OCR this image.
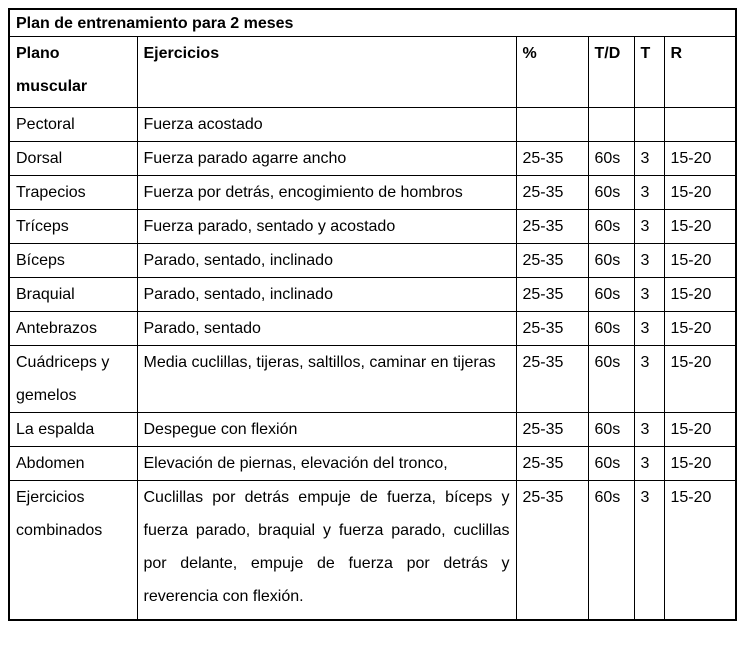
Plan de entrenamiento para 2 meses					
Plano muscular	Ejercicios	%	T/D	T	R
Pectoral	Fuerza acostado				
Dorsal	Fuerza parado agarre ancho	25-35	60s	3	15-20
Trapecios	Fuerza por detrás, encogimiento de hombros	25-35	60s	3	15-20
Tríceps	Fuerza parado, sentado y acostado	25-35	60s	3	15-20
Bíceps	Parado, sentado, inclinado	25-35	60s	3	15-20
Braquial	Parado, sentado, inclinado	25-35	60s	3	15-20
Antebrazos	Parado, sentado	25-35	60s	3	15-20
Cuádriceps y gemelos	Media cuclillas, tijeras, saltillos, caminar en tijeras	25-35	60s	3	15-20
La espalda	Despegue con flexión	25-35	60s	3	15-20
Abdomen	Elevación de piernas, elevación del tronco,	25-35	60s	3	15-20
Ejercicios combinados	Cuclillas por detrás empuje de fuerza, bíceps y fuerza parado, braquial y fuerza parado, cuclillas por delante, empuje de fuerza por detrás y reverencia con flexión.	25-35	60s	3	15-20
